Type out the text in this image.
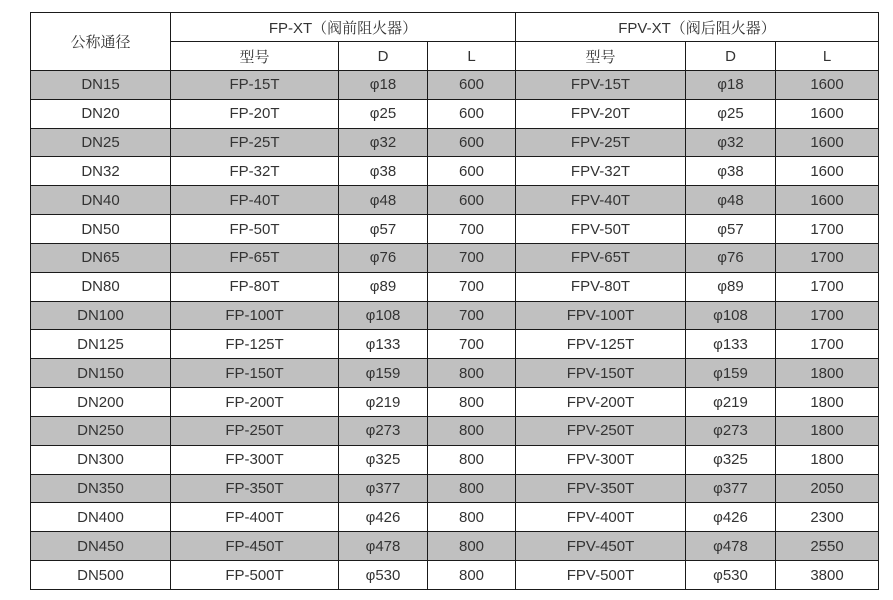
公称通径	FP-XT（阀前阻火器）			FPV-XT（阀后阻火器）		
	型号	D	L	型号	D	L
DN15	FP-15T	φ18	600	FPV-15T	φ18	1600
DN20	FP-20T	φ25	600	FPV-20T	φ25	1600
DN25	FP-25T	φ32	600	FPV-25T	φ32	1600
DN32	FP-32T	φ38	600	FPV-32T	φ38	1600
DN40	FP-40T	φ48	600	FPV-40T	φ48	1600
DN50	FP-50T	φ57	700	FPV-50T	φ57	1700
DN65	FP-65T	φ76	700	FPV-65T	φ76	1700
DN80	FP-80T	φ89	700	FPV-80T	φ89	1700
DN100	FP-100T	φ108	700	FPV-100T	φ108	1700
DN125	FP-125T	φ133	700	FPV-125T	φ133	1700
DN150	FP-150T	φ159	800	FPV-150T	φ159	1800
DN200	FP-200T	φ219	800	FPV-200T	φ219	1800
DN250	FP-250T	φ273	800	FPV-250T	φ273	1800
DN300	FP-300T	φ325	800	FPV-300T	φ325	1800
DN350	FP-350T	φ377	800	FPV-350T	φ377	2050
DN400	FP-400T	φ426	800	FPV-400T	φ426	2300
DN450	FP-450T	φ478	800	FPV-450T	φ478	2550
DN500	FP-500T	φ530	800	FPV-500T	φ530	3800
